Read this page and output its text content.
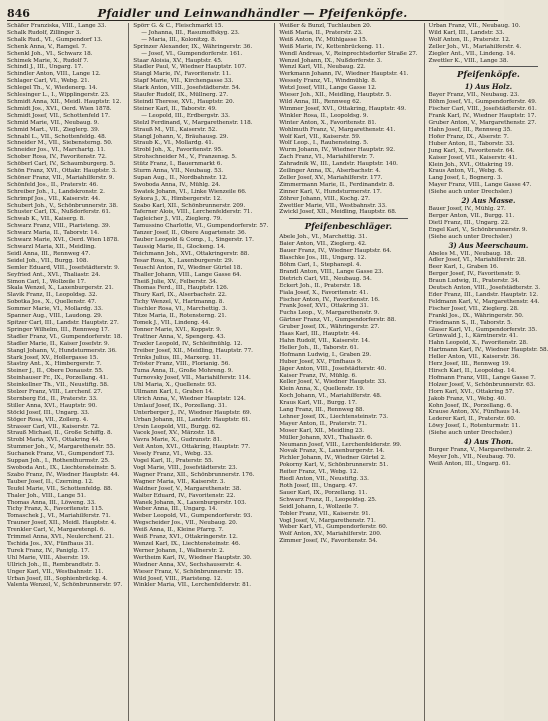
846	Pfaidler und Leinwandhändler — Pfeifenköpfe.
Schäfer Franziska, VIII., Lange 33.
Schalk Rudolf, Zillinger 3.
Schalk Rud., VI., Gumpendorf 13.
Schenk Anna, V., Ramgel. 7.
Schenkl Joh., VI., Schwarz 18.
Schimek Marie, X., Rudolf 7.
Schindl J., III., Ungarg. 17.
Schindler Anton, VIII., Lange 12.
Schlager Carl, VI., Webg. 21.
Schlegel Th., V., Wiedenerg. 14.
Schlesinger L., I., Wipplingerstr. 23.
Schmidt Anna, XII., Meidl. Hauptstr. 12.
Schmidt Jos., XVI., Oerd. Wien 1878.
Schmidt Josef, VII., Schottenfeld 17.
Schmid Marie, VII., Neubaug. 9.
Schmid Mart., VII., Zieglerg. 39.
Schnabl L., VII., Schottenfeldg. 48.
Schneider M., VII., Siebensterng. 50.
Schneider Jos., VI., Marchartg. 11.
Schober Rosa, IV., Favoritenstr. 72.
Schöberl Carl, IV., Schaumburgerg. 5.
Schön Franz, XVI., Ottakr. Hauptstr. 3.
Schöner Franz, VII., Mariahilferstr. 9.
Schönfeld Jos., II., Praterstr. 46.
Schreiber Joh., I., Landskronstr. 2.
Schrimpf Jos., VII., Kaiserstr. 44.
Schubert Joh., V., Schönbrunnerstr. 38.
Schuster Carl, IX., Nußdorferstr. 61.
Schwab K., VII., Kaiserg. 8.
Schwarz Franz, VIII., Piaristeng. 39.
Schwarz Maria, II., Taborstr. 14.
Schwarz Marie, XVI., Oerd. Wien 1878.
Schwarzl Maria, XII., Meidling.
Seidl Anna, III., Rennweg 47.
Seidel Joh., VII., Burgg. 108.
Semler Eduard, VIII., Josefstädterstr. 9.
Seyfried Ant., XVI., Thaliastr. 24.
Simon Carl, I., Wollzeile 17.
Skala Wenzel, X., Laxenburgerstr. 21.
Slavik Franz, II., Leopoldsg. 32.
Sobotka Jos., X., Quellenstr. 47.
Sommer Marie, VI., Mollardg. 33.
Spanner Aug., VIII., Laudong. 29.
Spitzer Carl, III., Landstr. Hauptstr. 27.
Springer Wilhelm, III., Rennweg 17.
Stadler Franz, VI., Gumpendorferstr. 18.
Stadler Marie, II., Kaiser Josefstr. 9.
Stangl Johann, V., Hundsturmerstr. 36.
Stark Josef, XV., Hollergasse 15.
Stastny Ant., X., Himbergerstr. 7.
Steiner J., II., Obere Donaustr. 55.
Steinhauser Fr., IX., Porzellang. 41.
Steinkellner Th., VII., Neustiftg. 58.
Stelzer Franz, VIII., Lerchenf. 27.
Sternberg Ed., II., Praterstr. 33.
Stiller Anna, XVI., Hauptstr. 90.
Stöckl Josef, III., Ungarg. 33.
Stöger Rosa, VII., Zollerg. 4.
Strasser Carl, VII., Kaiserstr. 72.
Strauß Michael, II., Große Schiffg. 8.
Strobl Maria, XVI., Ottakring 44.
Stummer Joh., V., Margarethenstr. 55.
Suchanek Franz, VI., Gumpendorf 73.
Suppan Joh., I., Rothenthurmstr. 25.
Swoboda Ant., IX., Liechtensteinstr. 5.
Szabo Franz, IV., Wiedner Hauptstr. 44.
Tauber Josef, II., Czerning. 12.
Teufel Marie, VII., Schottenfeldg. 88.
Thaler Joh., VIII., Lange 51.
Thomas Anna, III., Löweng. 33.
Tichy Franz, X., Favoritenstr. 115.
Tomaschek J., VI., Mariahilferstr. 71.
Trauner Josef, XII., Meidl. Hauptstr. 4.
Trenkler Carl, V., Margaretenpl. 6.
Trimmel Anna, XVI., Neulerchenf. 21.
Tschida Jos., XV., Fünfhaus 31.
Turek Franz, IV., Paniglg. 17.
Uhl Marie, VIII., Alserstr. 19.
Ullrich Joh., II., Rembrandtstr. 5.
Unger Karl, VII., Westbahnstr. 11.
Urban Josef, III., Sophienbrückg. 4.
Valenta Wenzel, V., Schönbrunnerstr. 97.
Spörr G. & C., Fleischmarkt 15.
— Johanna, III., Rasumoffskyg. 23.
— Maria, III., Kolonitzg. 8.
Sprinzer Alexander, IX., Währingerstr. 36.
— Josef, VI., Gumpendorferstr. 161.
Staar Aloisia, XV., Hauptstr. 45.
Stadler Paul, V., Wiedner Hauptstr. 107.
Stangl Marie, IV., Favoritenstr. 11.
Stapf Marie, VII., Kirchengasse 33.
Stark Anton, VIII., Josefstädterstr. 54.
Staufer Rudolf, IX., Müllnerg. 27.
Steindl Therese, XVI., Hauptstr. 20.
Steiner Karl, II., Taborstr. 49.
— Leopold, III., Erdbergstr. 33.
Stelzl Ferdinand, V., Margarethenstr. 118.
Strauß M., VII., Kaiserstr. 52.
Stangl Johann, V., Bräuhausg. 29.
Straub K., VI., Mollardg. 41.
Strobl Joh., X., Favoritenstr. 95.
Strohschneider M., V., Franzensg. 5.
Stütz Franz, I., Bauernmarkt 6.
Sturm Anna, VII., Neubaug. 53.
Supan Aug., II., Nordbahnstr. 12.
Swoboda Anna, IV., Mühlg. 24.
Swatek Johann, VI., Linke Wienzeile 66.
Sykora J., X., Himbergerstr. 12.
Szabo Karl, XII., Schönbrunnerstr. 209.
Taferner Alois, VIII., Lerchenfelderstr. 71.
Tagleicher J., VII., Zieglerg. 79.
Tamussino Charlotte, VI., Gumpendorferstr. 57.
Tanzer Josef, II., Obere Augartenstr. 36.
Tauber Leopold & Comp., I., Singerstr. 17.
Taussig Marie, II., Glockeng. 14.
Teichmann Joh., XVI., Ottakringerstr. 88.
Tesar Rosa, X., Laxenburgerstr. 29.
Teuschl Anton, IV., Wiedner Gürtel 18.
Thaller Johann, VIII., Lange Gasse 64.
Theiß Julie, XV., Felberstr. 34.
Thomas Ferd., III., Hauptstr. 126.
Thury Karl, IX., Alserbachstr. 22.
Tichy Wenzel, V., Hartmanng. 8.
Tischler Rosa, VI., Marchettig. 3.
Titze Maria, II., Rotensterng. 21.
Tomek J., VII., Lindeng. 44.
Tonner Marie, XVI., Koppstr. 9.
Trattner Anna, V., Spengerg. 43.
Traxler Leopold, IV., Schleifmühlg. 12.
Treiber Josef, XII., Meidling, Hauptstr. 77.
Trinks Julius, III., Marxerg. 11.
Tröster Franz, VIII., Florianig. 56.
Tuma Anna, II., Große Mohreng. 9.
Turnovsky Josef, VII., Mariahilferstr. 114.
Uhl Maria, X., Quellenstr. 93.
Ullmann Karl, I., Graben 14.
Ulrich Anna, V., Wiedner Hauptstr. 124.
Umlauf Josef, IX., Porzellang. 31.
Unterberger J., IV., Wiedner Hauptstr. 69.
Urban Johann, III., Landstr. Hauptstr. 61.
Ursin Leopold, VII., Burgg. 62.
Vacek Josef, XV., Märzstr. 18.
Vavra Marie, X., Gudrunstr. 81.
Veit Anton, XVI., Ottakring, Hauptstr. 77.
Vesely Franz, VI., Webg. 33.
Vogel Karl, II., Praterstr. 55.
Vogl Marie, VIII., Josefstädterstr. 23.
Wagner Franz, XII., Schönbrunnerstr. 176.
Wagner Maria, VII., Kaiserstr. 3.
Waldner Josef, V., Margarethenstr. 38.
Walter Eduard, IV., Favoritenstr. 22.
Wanek Johann, X., Laxenburgerstr. 103.
Weber Anna, III., Ungarg. 14.
Weber Leopold, VI., Gumpendorferstr. 93.
Wegscheider Jos., VII., Neubaug. 20.
Weiß Anna, II., Kleine Pfarrg. 7.
Weiß Franz, XVI., Ottakringerstr. 12.
Wenzel Karl, IX., Liechtensteinstr. 46.
Werner Johann, I., Wallnerstr. 2.
Wertheim Karl, IV., Wiedner Hauptstr. 30.
Wiedner Anna, XV., Sechshauserstr. 4.
Wieser Franz, V., Schönbrunnerstr. 15.
Wild Josef, VIII., Piaristeng. 12.
Winkler Maria, VII., Lerchenfelderstr. 81.
Weißer & Bunzl, Tuchlauben 20.
Weiß Maria, II., Praterstr. 23.
Weiß Anton, IV., Mühlgasse 15.
Weiß Marie, IV., Kettenbrückeng. 11.
Wendl Andreas, V., Reinprechtsdorfer Straße 27.
Wenzel Johann, IX., Nußdorferstr. 3.
Wenzl Karl, VII., Neubaug. 22.
Werkmann Johann, IV., Wiedner Hauptstr. 41.
Wessely Franz, VI., Windmühlg. 8.
Wetzl Josef, VIII., Lange Gasse 12.
Wieser Joh., XII., Meidling, Hauptstr. 5.
Wild Anna, III., Rennweg 62.
Wimmer Josef, XVI., Ottakring, Hauptstr. 49.
Winkler Rosa, II., Leopoldsg. 9.
Winter Anton, X., Favoritenstr. 81.
Wohlmuth Franz, V., Margarethenstr. 41.
Wolf Karl, VII., Kaiserstr. 59.
Wolf Leop., I., Rauhensteing. 5.
Wurm Johann, IV., Wiedner Hauptstr. 92.
Zach Franz, VI., Mariahilferstr. 7.
Zahradnik W., III., Landstr. Hauptstr. 140.
Zeilinger Anna, IX., Alserbachstr. 4.
Zeller Josef, XV., Mariahilferstr. 177.
Zimmermann Marie, II., Ferdinandstr. 8.
Zinner Karl, V., Hundsturmerstr. 17.
Zöhrer Johann, VIII., Kochg. 27.
Zwettler Marie, VII., Westbahnstr. 33.
Zwickl Josef, XII., Meidling, Hauptstr. 68.
Pfeifenbeschläger.
Abele Joh., VI., Marchettig. 31.
Baier Anton, VII., Zieglerg. 42.
Bauer Franz, IV., Wiedner Hauptstr. 64.
Blaschke Jos., III., Ungarg. 12.
Böhm Carl, I., Stephanspl. 4.
Brandl Anton, VIII., Lange Gasse 23.
Dietrich Carl, VII., Neubaug. 54.
Eckert Joh., II., Praterstr. 18.
Fiala Josef, X., Favoritenstr. 41.
Fischer Anton, IV., Favoritenstr. 16.
Frank Josef, XVI., Ottakring 31.
Fuchs Leop., V., Margarethenstr. 9.
Gärtner Franz, VI., Gumpendorferstr. 88.
Gruber Josef, IX., Währingerstr. 27.
Haas Karl, III., Hauptstr. 44.
Hahn Rudolf, VII., Kaiserstr. 14.
Heller Joh., II., Taborstr. 61.
Hofmann Ludwig, I., Graben 29.
Huber Josef, XV., Fünfhaus 9.
Jäger Anton, VIII., Josefstädterstr. 40.
Kaiser Franz, IV., Mühlg. 6.
Keller Josef, V., Wiedner Hauptstr. 33.
Klein Anna, X., Quellenstr. 19.
Koch Johann, VI., Mariahilferstr. 48.
Kraus Karl, VII., Burgg. 17.
Lang Franz, III., Rennweg 88.
Lehner Josef, IX., Liechtensteinstr. 73.
Mayer Anton, II., Praterstr. 71.
Moser Karl, XII., Meidling 23.
Müller Johann, XVI., Thaliastr. 6.
Neumann Josef, VIII., Lerchenfelderstr. 99.
Novak Franz, X., Laxenburgerstr. 14.
Pichler Johann, IV., Wiedner Gürtel 2.
Pokorny Karl, V., Schönbrunnerstr. 51.
Reiter Franz, VI., Webg. 12.
Riedl Anton, VII., Neustiftg. 33.
Roth Josef, III., Ungarg. 47.
Sauer Karl, IX., Porzellang. 11.
Schwarz Franz, II., Leopoldsg. 25.
Seidl Johann, I., Wollzeile 7.
Tobler Franz, VII., Kaiserstr. 91.
Vogl Josef, V., Margarethenstr. 71.
Weber Karl, VI., Gumpendorferstr. 60.
Wolf Anton, XV., Mariahilferstr. 200.
Zimmer Josef, IV., Favoritenstr. 54.
Urban Franz, VII., Neubaug. 10.
Wild Karl, III., Landstr. 33.
Wolf Anton, II., Praterstr. 12.
Zeller Joh., VI., Mariahilferstr. 4.
Ziegler Ant., VII., Lindeng. 14.
Zwettler K., VIII., Lange 38.
Pfeifenköpfe.
1) Aus Holz.
Bayer Franz, VII., Neubaug. 23.
Böhm Josef, VI., Gumpendorferstr. 49.
Fischer Carl, VIII., Josefstädterstr. 61.
Frank Karl, IV., Wiedner Hauptstr. 17.
Gruber Anton, V., Margarethenstr. 27.
Hahn Josef, III., Rennweg 35.
Hofer Franz, IX., Alserstr. 7.
Huber Anton, II., Taborstr. 33.
Jung Karl, X., Favoritenstr. 64.
Kaiser Josef, VII., Kaiserstr. 41.
Klein Joh., XVI., Ottakring 19.
Kraus Anton, VI., Webg. 6.
Lang Josef, I., Bognerg. 3.
Mayer Franz, VIII., Lange Gasse 47.
(Siehe auch unter Drechsler.)
2) Aus Masse.
Bauer Josef, IV., Mühlg. 27.
Berger Anton, VII., Burgg. 11.
Dietl Franz, III., Ungarg. 22.
Engel Karl, V., Schönbrunnerstr. 9.
(Siehe auch unter Drechsler.)
3) Aus Meerschaum.
Abeles M., VII., Neubaug. 18.
Adler Josef, VI., Mariahilferstr. 28.
Beer Karl, I., Graben 16.
Berger Josef, IV., Favoritenstr. 9.
Braun Ludwig, II., Praterstr. 34.
Deutsch Anton, VIII., Josefstädterstr. 3.
Eder Franz, III., Landstr. Hauptstr. 12.
Feldmann Karl, V., Margarethenstr. 44.
Fischer Josef, VII., Zieglerg. 28.
Frankl Jos., IX., Währingerstr. 50.
Friedmann S., II., Taborstr. 5.
Glaser Karl, VI., Gumpendorferstr. 35.
Grünwald J., I., Kärntnerstr. 41.
Hahn Leopold, X., Favoritenstr. 28.
Hartmann Karl, IV., Wiedner Hauptstr. 58.
Heller Anton, VII., Kaiserstr. 36.
Herz Josef, III., Rennweg 19.
Hirsch Karl, II., Leopoldsg. 14.
Hofmann Franz, VIII., Lange Gasse 7.
Holzer Josef, V., Schönbrunnerstr. 63.
Horn Karl, XVI., Ottakring 57.
Jakob Franz, VI., Webg. 40.
Kohn Josef, IX., Porzellang. 6.
Krause Anton, XV., Fünfhaus 14.
Lederer Karl, II., Praterstr. 60.
Löwy Josef, I., Rotenturmstr. 11.
(Siehe auch unter Drechsler.)
4) Aus Thon.
Burger Franz, V., Margarethenstr. 2.
Meyer Joh., VII., Neubaug. 70.
Weiß Anton, III., Ungarg. 61.
